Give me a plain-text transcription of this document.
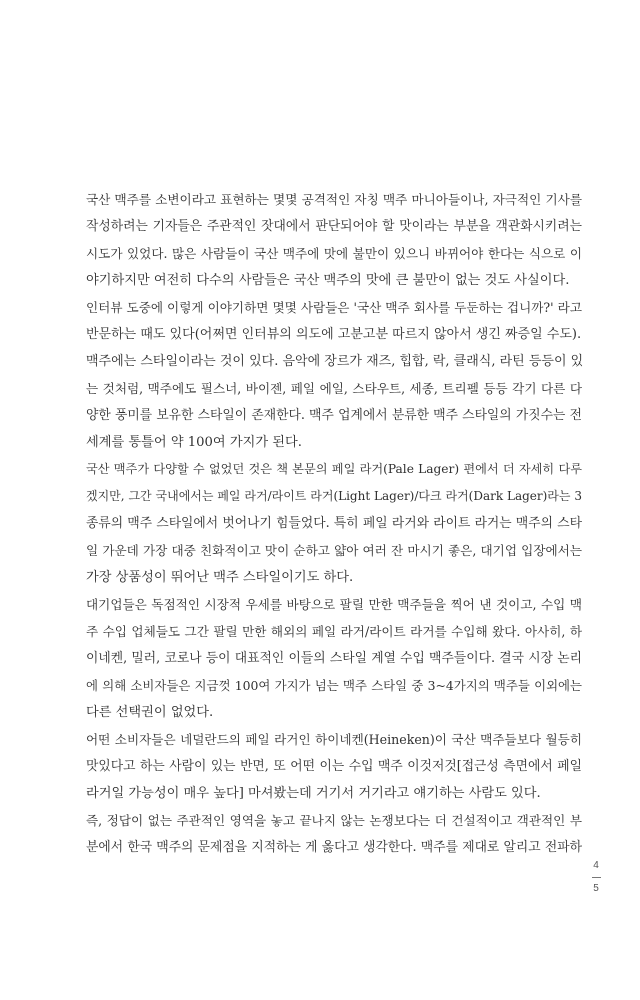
국산 맥주를 소변이라고 표현하는 몇몇 공격적인 자칭 맥주 마니아들이나, 자극적인 기사를
작성하려는 기자들은 주관적인 잣대에서 판단되어야 할 맛이라는 부분을 객관화시키려는
시도가 있었다. 많은 사람들이 국산 맥주에 맛에 불만이 있으니 바뀌어야 한다는 식으로 이
야기하지만 여전히 다수의 사람들은 국산 맥주의 맛에 큰 불만이 없는 것도 사실이다.
인터뷰 도중에 이렇게 이야기하면 몇몇 사람들은 '국산 맥주 회사를 두둔하는 겁니까?' 라고
반문하는 때도 있다(어쩌면 인터뷰의 의도에 고분고분 따르지 않아서 생긴 짜증일 수도).
맥주에는 스타일이라는 것이 있다. 음악에 장르가 재즈, 힙합, 락, 클래식, 라틴 등등이 있
는 것처럼, 맥주에도 필스너, 바이젠, 페일 에일, 스타우트, 세종, 트리펠 등등 각기 다른 다
양한 풍미를 보유한 스타일이 존재한다. 맥주 업계에서 분류한 맥주 스타일의 가짓수는 전
세계를 통틀어 약 100여 가지가 된다.
국산 맥주가 다양할 수 없었던 것은 책 본문의 페일 라거(Pale Lager) 편에서 더 자세히 다루
겠지만, 그간 국내에서는 페일 라거/라이트 라거(Light Lager)/다크 라거(Dark Lager)라는 3
종류의 맥주 스타일에서 벗어나기 힘들었다. 특히 페일 라거와 라이트 라거는 맥주의 스타
일 가운데 가장 대중 친화적이고 맛이 순하고 얇아 여러 잔 마시기 좋은, 대기업 입장에서는
가장 상품성이 뛰어난 맥주 스타일이기도 하다.
대기업들은 독점적인 시장적 우세를 바탕으로 팔릴 만한 맥주들을 찍어 낸 것이고, 수입 맥
주 수입 업체들도 그간 팔릴 만한 해외의 페일 라거/라이트 라거를 수입해 왔다. 아사히, 하
이네켄, 밀러, 코로나 등이 대표적인 이들의 스타일 계열 수입 맥주들이다. 결국 시장 논리
에 의해 소비자들은 지금껏 100여 가지가 넘는 맥주 스타일 중 3~4가지의 맥주들 이외에는
다른 선택권이 없었다.
어떤 소비자들은 네덜란드의 페일 라거인 하이네켄(Heineken)이 국산 맥주들보다 월등히
맛있다고 하는 사람이 있는 반면, 또 어떤 이는 수입 맥주 이것저것[접근성 측면에서 페일
라거일 가능성이 매우 높다] 마셔봤는데 거기서 거기라고 얘기하는 사람도 있다.
즉, 정답이 없는 주관적인 영역을 놓고 끝나지 않는 논쟁보다는 더 건설적이고 객관적인 부
분에서 한국 맥주의 문제점을 지적하는 게 옳다고 생각한다. 맥주를 제대로 알리고 전파하
4
5
